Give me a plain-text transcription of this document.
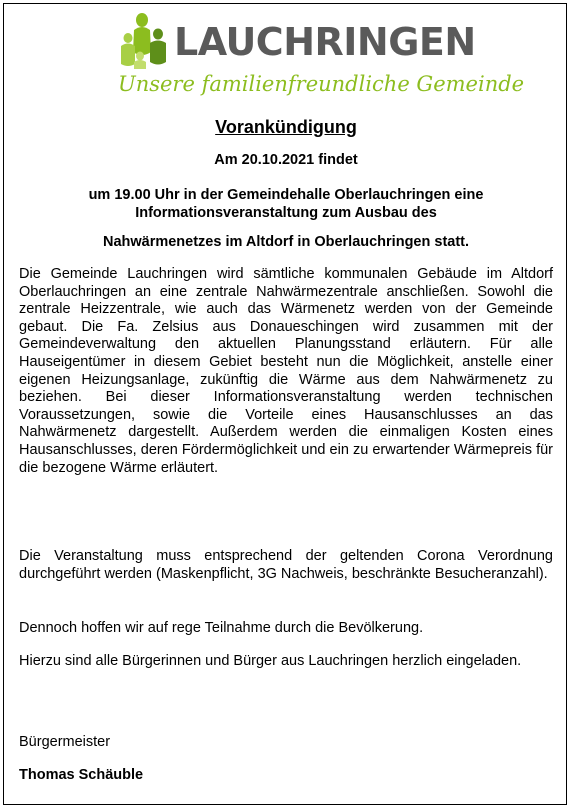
LAUCHRINGEN
Unsere familienfreundliche Gemeinde
Vorankündigung
Am 20.10.2021 findet
um 19.00 Uhr in der Gemeindehalle Oberlauchringen eine
Informationsveranstaltung zum Ausbau des
Nahwärmenetzes im Altdorf in Oberlauchringen statt.
Die Gemeinde Lauchringen wird sämtliche kommunalen Gebäude im Altdorf Oberlauchringen an eine zentrale Nahwärmezentrale anschließen. Sowohl die zentrale Heizzentrale, wie auch das Wärmenetz werden von der Gemeinde gebaut. Die Fa. Zelsius aus Donaueschingen wird zusammen mit der Gemeindeverwaltung den aktuellen Planungsstand erläutern. Für alle Hauseigentümer in diesem Gebiet besteht nun die Möglichkeit, anstelle einer eigenen Heizungsanlage, zukünftig die Wärme aus dem Nahwärmenetz zu beziehen. Bei dieser Informationsveranstaltung werden technischen Voraussetzungen, sowie die Vorteile eines Hausanschlusses an das Nahwärmenetz dargestellt. Außerdem werden die einmaligen Kosten eines Hausanschlusses, deren Fördermöglichkeit und ein zu erwartender Wärmepreis für die bezogene Wärme erläutert.
Die Veranstaltung muss entsprechend der geltenden Corona Verordnung durchgeführt werden (Maskenpflicht, 3G Nachweis, beschränkte Besucheranzahl).
Dennoch hoffen wir auf rege Teilnahme durch die Bevölkerung.
Hierzu sind alle Bürgerinnen und Bürger aus Lauchringen herzlich eingeladen.
Bürgermeister
Thomas Schäuble
